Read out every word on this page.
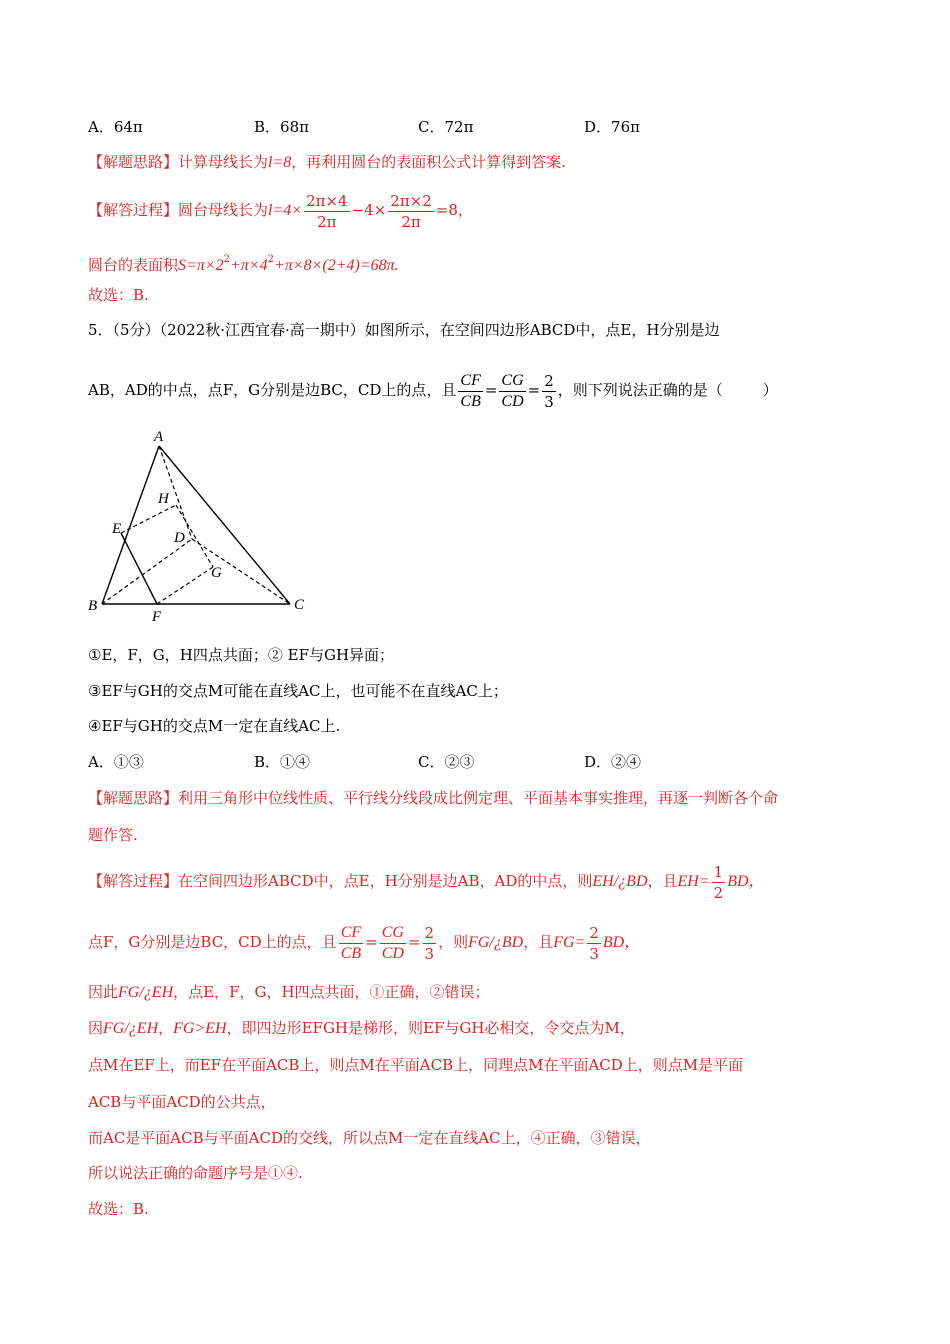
A．64π	B．68π	C．72π	D．76π
【解题思路】计算母线长为l=8，再利用圆台的表面积公式计算得到答案.
【解答过程】圆台母线长为$l=4\times \frac{2\pi\times 4}{2\pi} -4\times \frac{2\pi\times 2}{2\pi} =8$，
圆台的表面积$S=\pi\times 2^2+\pi\times 4^2+\pi\times 8\times(2+4)=68\pi$.
故选：B.
5．（5分）（2022秋·江西宜春·高一期中）如图所示，在空间四边形ABCD中，点E，H分别是边
AB，AD的中点，点F，G分别是边BC，CD上的点，且 $\frac{CF}{CB} = \frac{CG}{CD} = \frac{2}{3}$ ，则下列说法正确的是（	）
A
B	C
D
E
F
G
H
①E，F，G，H四点共面；② EF与GH异面；
③EF与GH的交点M可能在直线AC上，也可能不在直线AC上；
④EF与GH的交点M一定在直线AC上.
A．①③	B．①④	C．②③	D．②④
【解题思路】利用三角形中位线性质、平行线分线段成比例定理、平面基本事实推理，再逐一判断各个命
题作答.
【解答过程】在空间四边形ABCD中，点E，H分别是边AB，AD的中点，则EH/¿BD，且$EH= \frac{1}{2}$ BD，
点F，G分别是边BC，CD上的点，且 $\frac{CF}{CB} = \frac{CG}{CD} = \frac{2}{3}$ ，则FG/¿BD，且$FG= \frac{2}{3}$ BD，
因此FG/¿EH，点E，F，G，H四点共面，①正确，②错误；
因FG/¿EH，FG>EH，即四边形EFGH是梯形，则EF与GH必相交，令交点为M，
点M在EF上，而EF在平面ACB上，则点M在平面ACB上，同理点M在平面ACD上，则点M是平面
ACB与平面ACD的公共点，
而AC是平面ACB与平面ACD的交线，所以点M一定在直线AC上，④正确，③错误，
所以说法正确的命题序号是①④.
故选：B.
